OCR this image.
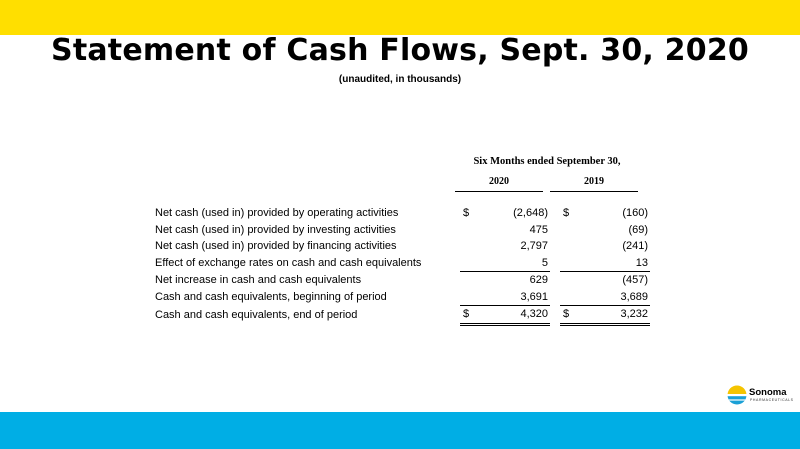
Statement of Cash Flows, Sept. 30, 2020
(unaudited, in thousands)
Six Months ended September 30,
2020	2019
Net cash (used in) provided by operating activities	$	(2,648)		$	(160)
Net cash (used in) provided by investing activities		475			(69)
Net cash (used in) provided by financing activities		2,797			(241)
Effect of exchange rates on cash and cash equivalents		5			13
Net increase in cash and cash equivalents		629			(457)
Cash and cash equivalents, beginning of period		3,691			3,689
Cash and cash equivalents, end of period	$	4,320		$	3,232
Sonoma
PHARMACEUTICALS
